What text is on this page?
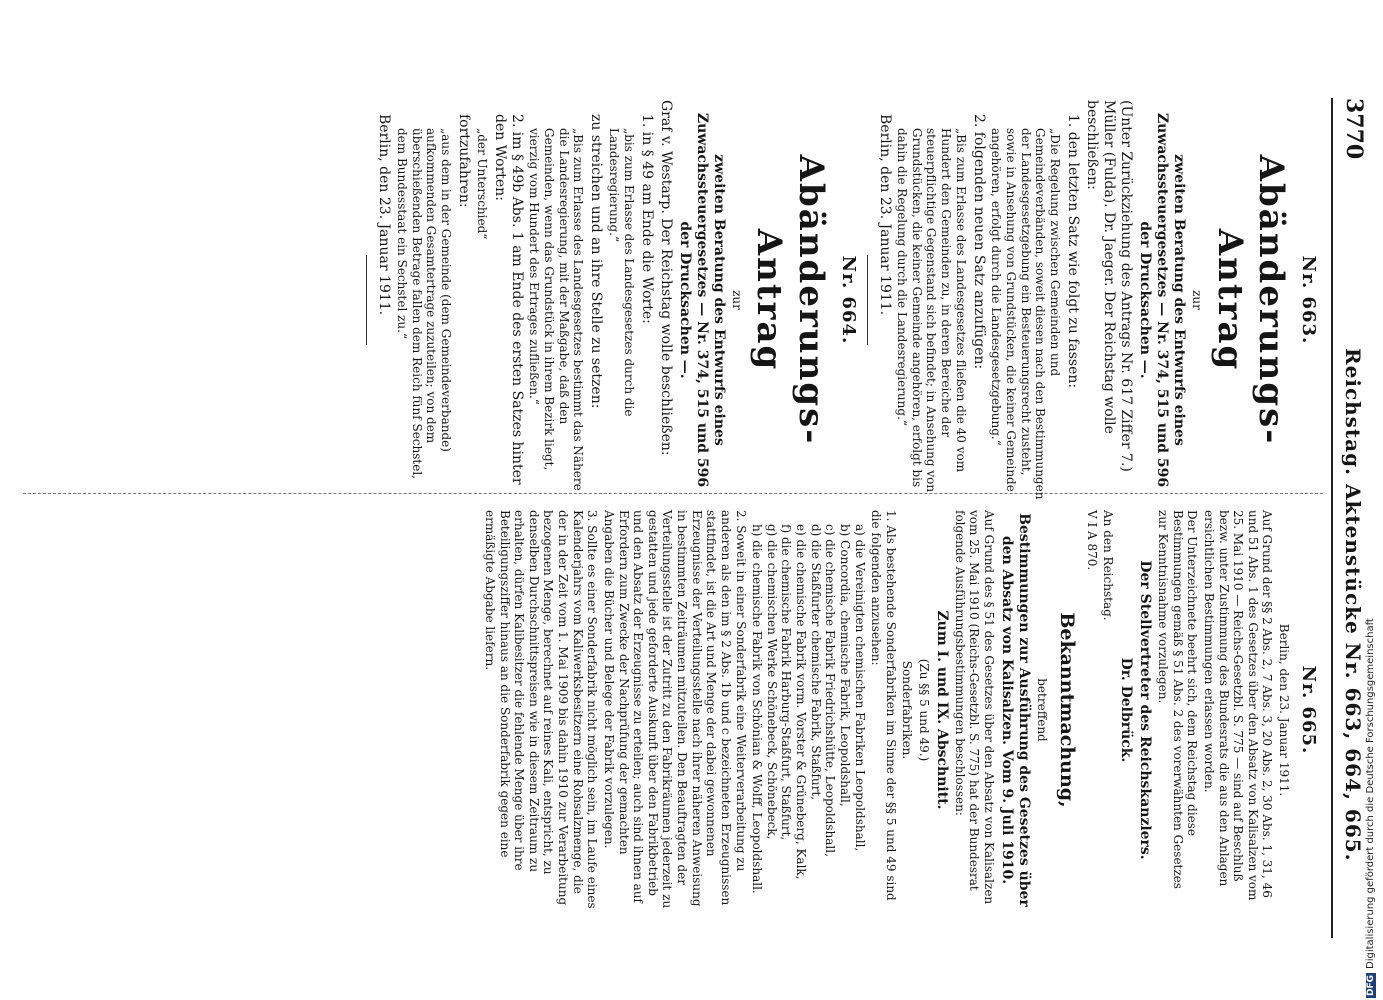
3770
Reichstag. Aktenstücke Nr. 663, 664, 665.
Nr. 663.
Abänderungs-Antrag
zur

zweiten Beratung des Entwurfs eines Zuwachssteuergesetzes — Nr. 374, 515 und 596 der Drucksachen —.

(Unter Zurückziehung des Antrags Nr. 617 Ziffer 7.) Müller (Fulda). Dr. Jaeger. Der Reichstag wolle beschließen:

1. den letzten Satz wie folgt zu fassen:

„Die Regelung zwischen Gemeinden und Gemeindeverbänden, soweit diesen nach den Bestimmungen der Landesgesetzgebung ein Besteuerungsrecht zusteht, sowie in Ansehung von Grundstücken, die keiner Gemeinde angehören, erfolgt durch die Landesgesetzgebung.“

2. folgenden neuen Satz anzufügen:

„Bis zum Erlasse des Landesgesetzes fließen die 40 vom Hundert den Gemeinden zu, in deren Bereiche der steuerpflichtige Gegenstand sich befindet; in Ansehung von Grundstücken, die keiner Gemeinde angehören, erfolgt bis dahin die Regelung durch die Landesregierung.“

Berlin, den 23. Januar 1911.

Nr. 664.
Abänderungs-Antrag
zur

zweiten Beratung des Entwurfs eines Zuwachssteuergesetzes — Nr. 374, 515 und 596 der Drucksachen —.

Graf v. Westarp. Der Reichstag wolle beschließen:

1. in § 49 am Ende die Worte:

„bis zum Erlasse des Landesgesetzes durch die Landesregierung.“

zu streichen und an ihre Stelle zu setzen:

„Bis zum Erlasse des Landesgesetzes bestimmt das Nähere die Landesregierung, mit der Maßgabe, daß den Gemeinden, wenn das Grundstück in ihrem Bezirk liegt, vierzig vom Hundert des Ertrages zufließen.“

2. im § 49b Abs. 1 am Ende des ersten Satzes hinter den Worten:

„der Unterschied“

fortzufahren:

„aus dem in der Gemeinde (dem Gemeindeverbande) aufkommenden Gesamtertrage zuzuteilen; von dem überschießenden Betrage fallen dem Reich fünf Sechstel, dem Bundesstaat ein Sechstel zu.“

Berlin, den 23. Januar 1911.

Nr. 665.

Berlin, den 23. Januar 1911.

Auf Grund der §§ 2 Abs. 2, 7 Abs. 3, 20 Abs. 2, 30 Abs. 1, 31, 46 und 51 Abs. 1 des Gesetzes über den Absatz von Kalisalzen vom 25. Mai 1910 — Reichs-Gesetzbl. S. 775 — sind auf Beschluß bezw. unter Zustimmung des Bundesrats die aus den Anlagen ersichtlichen Bestimmungen erlassen worden.

Der Unterzeichnete beehrt sich, dem Reichstag diese Bestimmungen gemäß § 51 Abs. 2 des vorerwähnten Gesetzes zur Kenntnisnahme vorzulegen.

Der Stellvertreter des Reichskanzlers.

Dr. Delbrück.

An den Reichstag.

V I A 870.

Bekanntmachung,

betreffend

Bestimmungen zur Ausführung des Gesetzes über den Absatz von Kalisalzen. Vom 9. Juli 1910.

Auf Grund des § 51 des Gesetzes über den Absatz von Kalisalzen vom 25. Mai 1910 (Reichs-Gesetzbl. S. 775) hat der Bundesrat folgende Ausführungsbestimmungen beschlossen:

Zum I. und IX. Abschnitt.

(Zu §§ 5 und 49.)

Sonderfabriken.

1. Als bestehende Sonderfabriken im Sinne der §§ 5 und 49 sind die folgenden anzusehen:

a) die Vereinigten chemischen Fabriken Leopoldshall,
b) Concordia, chemische Fabrik, Leopoldshall,
c) die chemische Fabrik Friedrichshütte, Leopoldshall,
d) die Staßfurter chemische Fabrik, Staßfurt,
e) die chemische Fabrik vorm. Vorster & Grüneberg, Kalk,
f) die chemische Fabrik Harburg-Staßfurt, Staßfurt,
g) die chemischen Werke Schönebeck, Schönebeck,
h) die chemische Fabrik von Schönian & Wolff, Leopoldshall.

2. Soweit in einer Sonderfabrik eine Weiterverarbeitung zu anderen als den im § 2 Abs. 1b und c bezeichneten Erzeugnissen stattfindet, ist die Art und Menge der dabei gewonnenen Erzeugnisse der Verteilungsstelle nach ihrer näheren Anweisung in bestimmten Zeiträumen mitzuteilen. Den Beauftragten der Verteilungsstelle ist der Zutritt zu den Fabrikräumen jederzeit zu gestatten und jede geforderte Auskunft über den Fabrikbetrieb und den Absatz der Erzeugnisse zu erteilen; auch sind ihnen auf Erfordern zum Zwecke der Nachprüfung der gemachten Angaben die Bücher und Belege der Fabrik vorzulegen.

3. Sollte es einer Sonderfabrik nicht möglich sein, im Laufe eines Kalenderjahrs vom Kaliwerksbesitzern eine Rohsalzmenge, die der in der Zeit vom 1. Mai 1909 bis dahin 1910 zur Verarbeitung bezogenen Menge, berechnet auf reines Kali, entspricht, zu denselben Durchschnittspreisen wie in diesem Zeitraum zu erhalten, dürfen Kalibesitzer die fehlende Menge über ihre Beteiligungsziffer hinaus an die Sonderfabrik gegen eine ermäßigte Abgabe liefern.

DFGDigitalisierung gefördert durch die Deutsche Forschungsgemeinschaft
